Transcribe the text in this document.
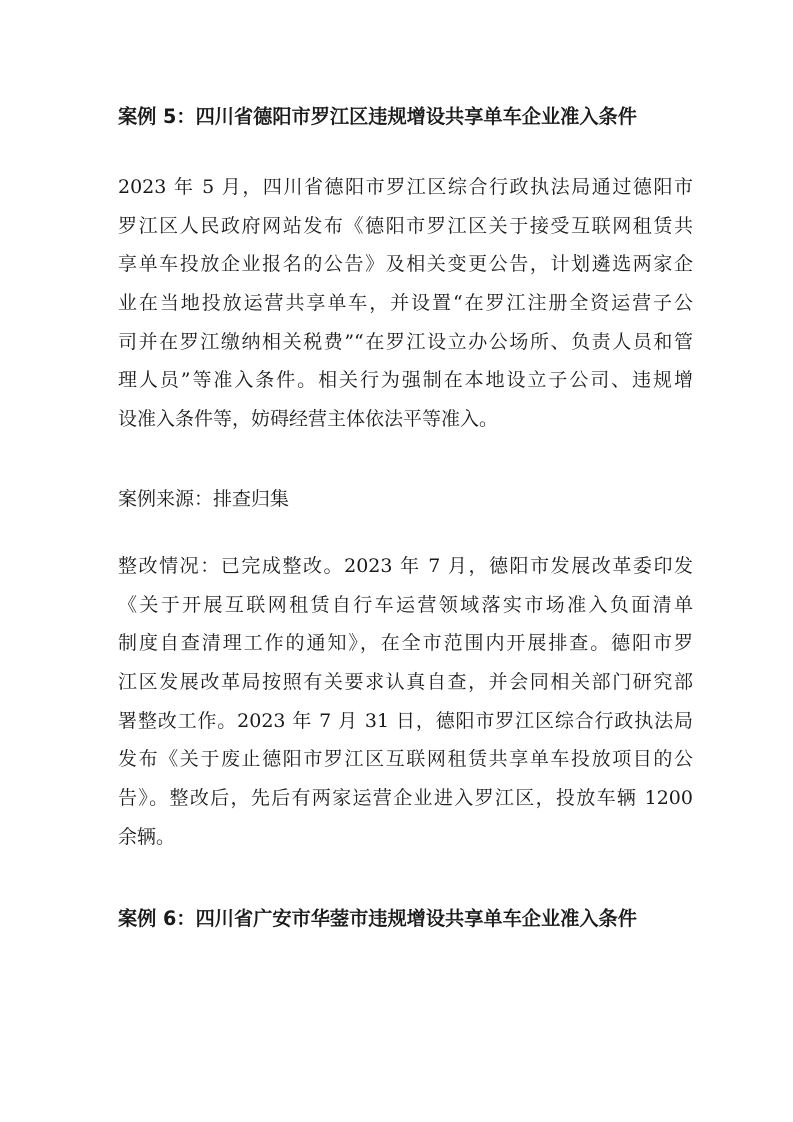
案例 5：四川省德阳市罗江区违规增设共享单车企业准入条件
2023 年 5 月，四川省德阳市罗江区综合行政执法局通过德阳市
罗江区人民政府网站发布《德阳市罗江区关于接受互联网租赁共
享单车投放企业报名的公告》及相关变更公告，计划遴选两家企
业在当地投放运营共享单车，并设置“在罗江注册全资运营子公
司并在罗江缴纳相关税费”“在罗江设立办公场所、负责人员和管
理人员”等准入条件。相关行为强制在本地设立子公司、违规增
设准入条件等，妨碍经营主体依法平等准入。
案例来源：排查归集
整改情况：已完成整改。2023 年 7 月，德阳市发展改革委印发
《关于开展互联网租赁自行车运营领域落实市场准入负面清单
制度自查清理工作的通知》，在全市范围内开展排查。德阳市罗
江区发展改革局按照有关要求认真自查，并会同相关部门研究部
署整改工作。2023 年 7 月 31 日，德阳市罗江区综合行政执法局
发布《关于废止德阳市罗江区互联网租赁共享单车投放项目的公
告》。整改后，先后有两家运营企业进入罗江区，投放车辆 1200
余辆。
案例 6：四川省广安市华蓥市违规增设共享单车企业准入条件
